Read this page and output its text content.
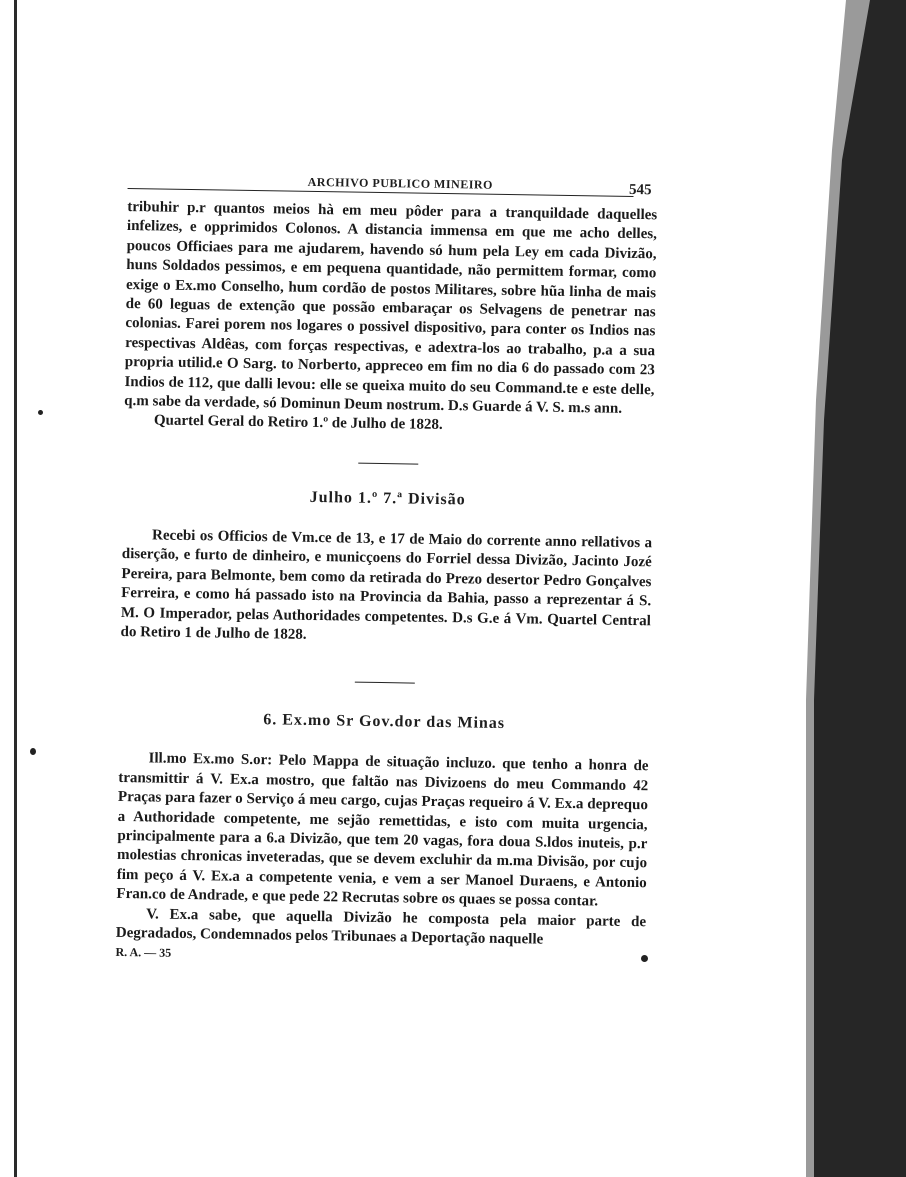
ARCHIVO PUBLICO MINEIRO	545

tribuhir p.r quantos meios hà em meu pôder para a tranquildade daquelles infelizes, e opprimidos Colonos. A distancia immensa em que me acho delles, poucos Officiaes para me ajudarem, havendo só hum pela Ley em cada Divizão, huns Soldados pessimos, e em pequena quantidade, não permittem formar, como exige o Ex.mo Conselho, hum cordão de postos Militares, sobre hũa linha de mais de 60 leguas de extenção que possão embaraçar os Selvagens de penetrar nas colonias. Farei porem nos logares o possivel dispositivo, para conter os Indios nas respectivas Aldêas, com forças respectivas, e adextra-los ao trabalho, p.a a sua propria utilid.e O Sarg. to Norberto, appreceo em fim no dia 6 do passado com 23 Indios de 112, que dalli levou: elle se queixa muito do seu Command.te e este delle, q.m sabe da verdade, só Dominun Deum nostrum. D.s Guarde á V. S. m.s ann.

Quartel Geral do Retiro 1.º de Julho de 1828.

Julho 1.º 7.ª Divisão

Recebi os Officios de Vm.ce de 13, e 17 de Maio do corrente anno rellativos a diserção, e furto de dinheiro, e municçoens do Forriel dessa Divizão, Jacinto Jozé Pereira, para Belmonte, bem como da retirada do Prezo desertor Pedro Gonçalves Ferreira, e como há passado isto na Provincia da Bahia, passo a reprezentar á S. M. O Imperador, pelas Authoridades competentes. D.s G.e á Vm. Quartel Central do Retiro 1 de Julho de 1828.

6. Ex.mo Sr Gov.dor das Minas

Ill.mo Ex.mo S.or: Pelo Mappa de situação incluzo. que tenho a honra de transmittir á V. Ex.a mostro, que faltão nas Divizoens do meu Commando 42 Praças para fazer o Serviço á meu cargo, cujas Praças requeiro á V. Ex.a deprequo a Authoridade competente, me sejão remettidas, e isto com muita urgencia, principalmente para a 6.a Divizão, que tem 20 vagas, fora doua S.ldos inuteis, p.r molestias chronicas inveteradas, que se devem excluhir da m.ma Divisão, por cujo fim peço á V. Ex.a a competente venia, e vem a ser Manoel Duraens, e Antonio Fran.co de Andrade, e que pede 22 Recrutas sobre os quaes se possa contar.

V. Ex.a sabe, que aquella Divizão he composta pela maior parte de Degradados, Condemnados pelos Tribunaes a Deportação naquelle

R. A. — 35
